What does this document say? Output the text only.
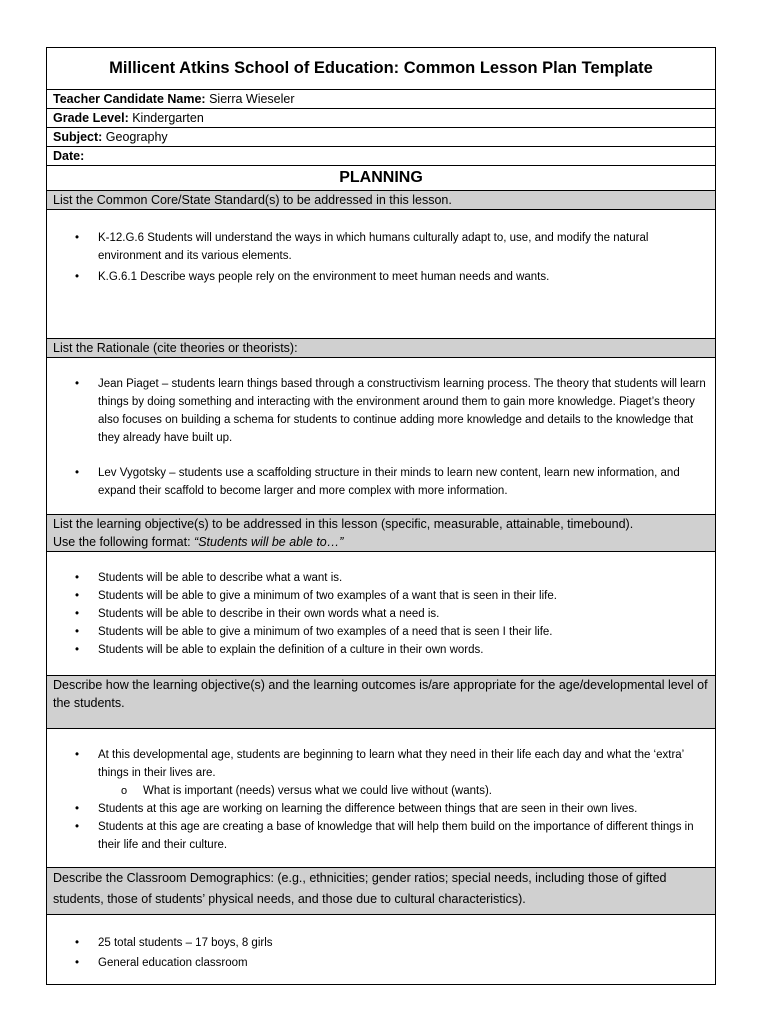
Millicent Atkins School of Education: Common Lesson Plan Template
Teacher Candidate Name: Sierra Wieseler
Grade Level: Kindergarten
Subject: Geography
Date:
PLANNING
List the Common Core/State Standard(s) to be addressed in this lesson.

• K-12.G.6 Students will understand the ways in which humans culturally adapt to, use, and modify the natural environment and its various elements.
• K.G.6.1 Describe ways people rely on the environment to meet human needs and wants.

List the Rationale (cite theories or theorists):

• Jean Piaget – students learn things based through a constructivism learning process. The theory that students will learn things by doing something and interacting with the environment around them to gain more knowledge. Piaget’s theory also focuses on building a schema for students to continue adding more knowledge and details to the knowledge that they already have built up.
• Lev Vygotsky – students use a scaffolding structure in their minds to learn new content, learn new information, and expand their scaffold to become larger and more complex with more information.

List the learning objective(s) to be addressed in this lesson (specific, measurable, attainable, timebound).
Use the following format: “Students will be able to…”

• Students will be able to describe what a want is.
• Students will be able to give a minimum of two examples of a want that is seen in their life.
• Students will be able to describe in their own words what a need is.
• Students will be able to give a minimum of two examples of a need that is seen I their life.
• Students will be able to explain the definition of a culture in their own words.

Describe how the learning objective(s) and the learning outcomes is/are appropriate for the age/developmental level of the students.

• At this developmental age, students are beginning to learn what they need in their life each day and what the ‘extra’ things in their lives are.
o What is important (needs) versus what we could live without (wants).
• Students at this age are working on learning the difference between things that are seen in their own lives.
• Students at this age are creating a base of knowledge that will help them build on the importance of different things in their life and their culture.

Describe the Classroom Demographics: (e.g., ethnicities; gender ratios; special needs, including those of gifted students, those of students’ physical needs, and those due to cultural characteristics).

• 25 total students – 17 boys, 8 girls
• General education classroom
